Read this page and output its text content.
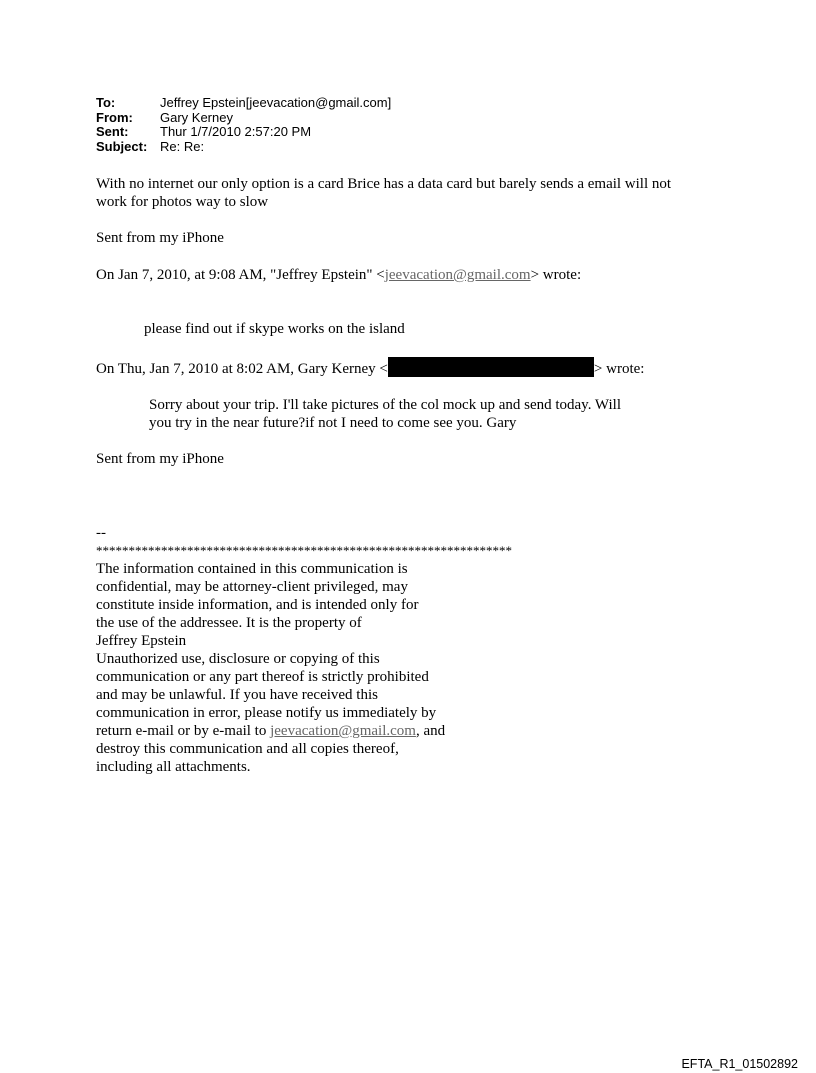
To:	Jeffrey Epstein[jeevacation@gmail.com]
From: Gary Kerney
Sent: Thur 1/7/2010 2:57:20 PM
Subject: Re: Re:
With no internet our only option is a card Brice has a data card but barely sends a email will not
work for photos way to slow
Sent from my iPhone
On Jan 7, 2010, at 9:08 AM, "Jeffrey Epstein" <jeevacation@gmail.com> wrote:
please find out if skype works on the island
On Thu, Jan 7, 2010 at 8:02 AM, Gary Kerney <	> wrote:
Sorry about your trip. I'll take pictures of the col mock up and send today. Will
you try in the near future?if not I need to come see you. Gary
Sent from my iPhone
--
****************************************************************
The information contained in this communication is
confidential, may be attorney-client privileged, may
constitute inside information, and is intended only for
the use of the addressee. It is the property of
Jeffrey Epstein
Unauthorized use, disclosure or copying of this
communication or any part thereof is strictly prohibited
and may be unlawful. If you have received this
communication in error, please notify us immediately by
return e-mail or by e-mail to jeevacation@gmail.com, and
destroy this communication and all copies thereof,
including all attachments.
EFTA_R1_01502892
